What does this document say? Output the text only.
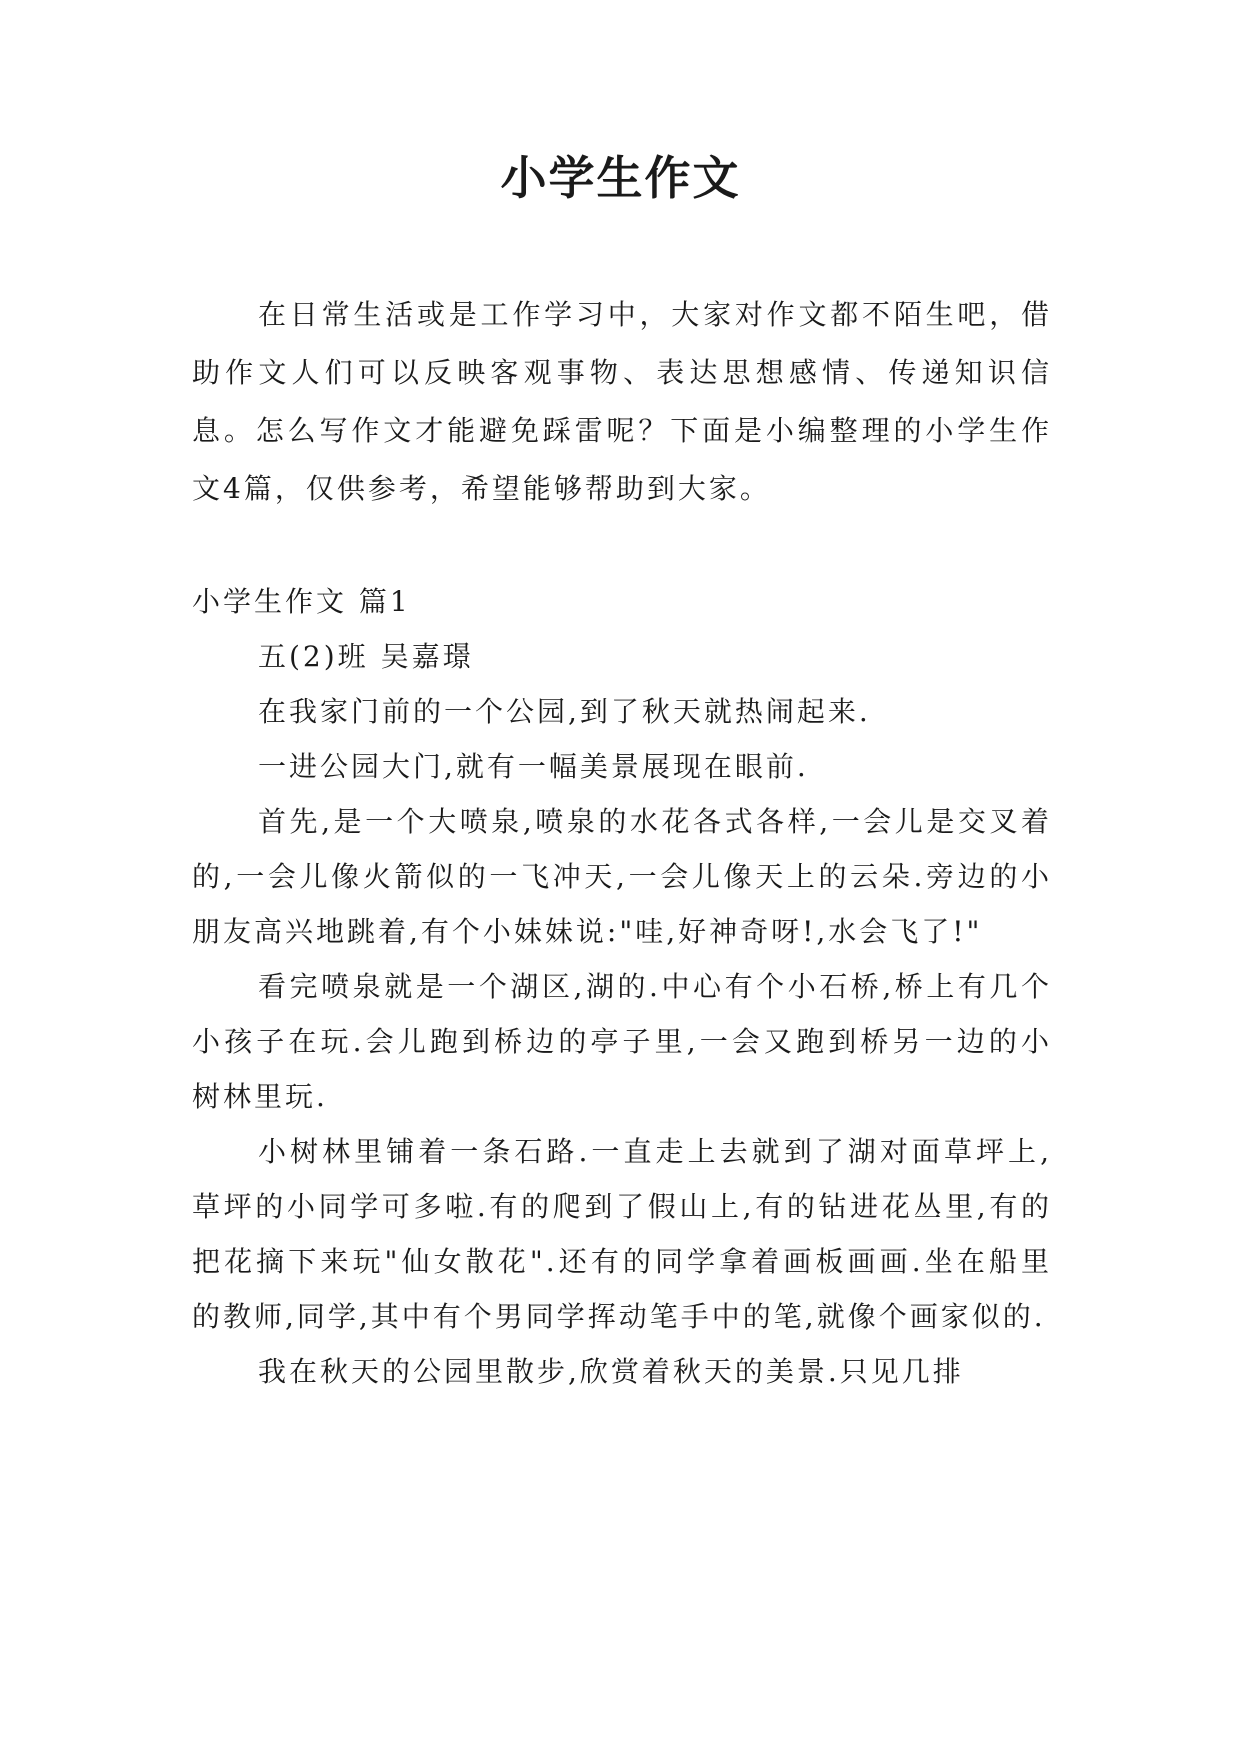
小学生作文

在日常生活或是工作学习中，大家对作文都不陌生吧，借助作文人们可以反映客观事物、表达思想感情、传递知识信息。怎么写作文才能避免踩雷呢？下面是小编整理的小学生作文4篇，仅供参考，希望能够帮助到大家。

小学生作文 篇1

五(2)班 吴嘉璟

在我家门前的一个公园,到了秋天就热闹起来.

一进公园大门,就有一幅美景展现在眼前.

首先,是一个大喷泉,喷泉的水花各式各样,一会儿是交叉着的,一会儿像火箭似的一飞冲天,一会儿像天上的云朵.旁边的小朋友高兴地跳着,有个小妹妹说:"哇,好神奇呀!,水会飞了!"

看完喷泉就是一个湖区,湖的.中心有个小石桥,桥上有几个小孩子在玩.会儿跑到桥边的亭子里,一会又跑到桥另一边的小树林里玩.

小树林里铺着一条石路.一直走上去就到了湖对面草坪上,草坪的小同学可多啦.有的爬到了假山上,有的钻进花丛里,有的把花摘下来玩"仙女散花".还有的同学拿着画板画画.坐在船里的教师,同学,其中有个男同学挥动笔手中的笔,就像个画家似的.

我在秋天的公园里散步,欣赏着秋天的美景.只见几排
